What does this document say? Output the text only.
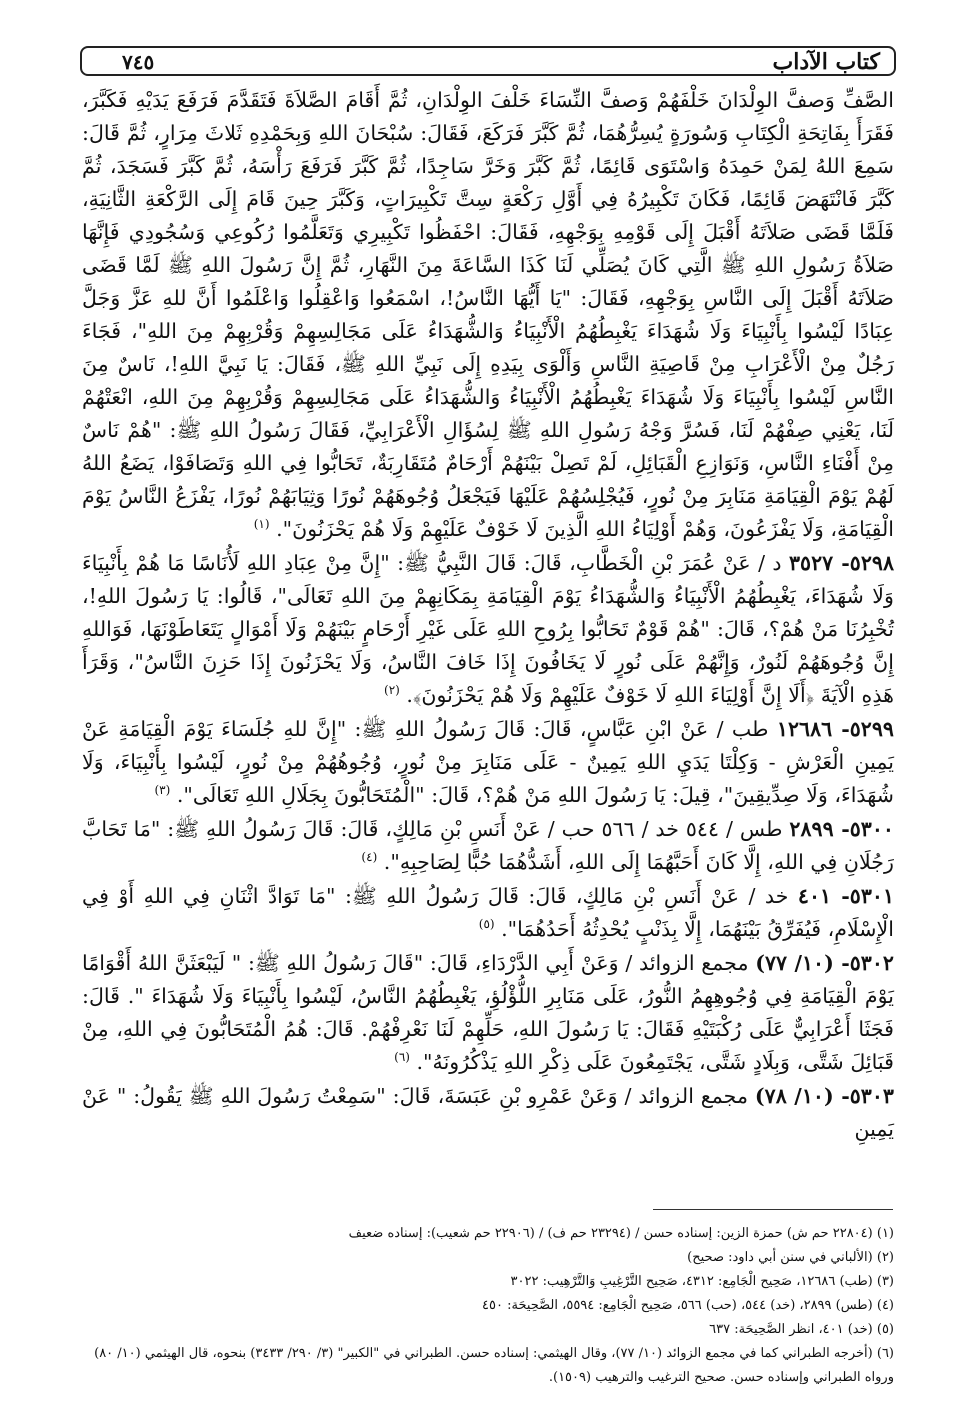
كتاب الآداب
٧٤٥

الصَّفِّ وَصفَّ الوِلْدَانَ خَلْفَهُمْ وَصفَّ النِّسَاءَ خَلْفَ الوِلْدَانِ، ثُمَّ أَقَامَ الصَّلاَةَ فَتَقَدَّمَ فَرَفَعَ يَدَيْهِ فَكَبَّرَ، فَقَرَأَ بِفَاتِحَةِ الْكِتَابِ وَسُورَةٍ يُسِرُّهُمَا، ثُمَّ كَبَّرَ فَرَكَعَ، فَقَالَ: سُبْحَانَ اللهِ وَبِحَمْدِهِ ثَلاثَ مِرَارٍ، ثُمَّ قَالَ: سَمِعَ اللهُ لِمَنْ حَمِدَهُ وَاسْتَوَى قَائِمًا، ثُمَّ كَبَّرَ وَخَرَّ سَاجِدًا، ثُمَّ كَبَّرَ فَرَفَعَ رَأْسَهُ، ثُمَّ كَبَّرَ فَسَجَدَ، ثُمَّ كَبَّرَ فَانْتَهَضَ قَائِمًا، فَكَانَ تَكْبِيرُهُ فِي أَوَّلِ رَكْعَةٍ سِتَّ تَكْبِيرَاتٍ، وَكَبَّرَ حِينَ قَامَ إِلَى الرَّكْعَةِ الثَّانِيَةِ، فَلَمَّا قَضَى صَلاَتَهُ أَقْبَلَ إِلَى قَوْمِهِ بِوَجْهِهِ، فَقَالَ: احْفَظُوا تَكْبِيرِي وَتَعَلَّمُوا رُكُوعِي وَسُجُودِي فَإِنَّهَا صَلاَةُ رَسُولِ اللهِ ﷺ الَّتِي كَانَ يُصَلِّي لَنَا كَذَا السَّاعَةَ مِنَ النَّهَارِ، ثُمَّ إِنَّ رَسُولَ اللهِ ﷺ لَمَّا قَضَى صَلاَتَهُ أَقْبَلَ إِلَى النَّاسِ بِوَجْهِهِ، فَقَالَ: "يَا أَيُّهَا النَّاسُ!، اسْمَعُوا وَاعْقِلُوا وَاعْلَمُوا أَنَّ للهِ عَزَّ وَجَلَّ عِبَادًا لَيْسُوا بِأَنْبِيَاءَ وَلَا شُهَدَاءَ يَغْبِطُهُمُ الْأَنْبِيَاءُ وَالشُّهَدَاءُ عَلَى مَجَالِسِهِمْ وَقُرْبِهِمْ مِنَ اللهِ"، فَجَاءَ رَجُلٌ مِنْ الْأَعْرَابِ مِنْ قَاصِيَةِ النَّاسِ وَأَلْوَى بِيَدِهِ إِلَى نَبِيِّ اللهِ ﷺ، فَقَالَ: يَا نَبِيَّ اللهِ!، نَاسٌ مِنَ النَّاسِ لَيْسُوا بِأَنْبِيَاءَ وَلَا شُهَدَاءَ يَغْبِطُهُمُ الْأَنْبِيَاءُ وَالشُّهَدَاءُ عَلَى مَجَالِسِهِمْ وَقُرْبِهِمْ مِنَ اللهِ، انْعَتْهُمْ لَنَا، يَعْنِي صِفْهُمْ لَنَا، فَسُرَّ وَجْهُ رَسُولِ اللهِ ﷺ لِسُؤَالِ الْأَعْرَابِيِّ، فَقَالَ رَسُولُ اللهِ ﷺ: "هُمْ نَاسٌ مِنْ أَفْنَاءِ النَّاسِ، وَنَوَازِعِ الْقَبَائِلِ، لَمْ تَصِلْ بَيْنَهُمْ أَرْحَامٌ مُتَقَارِبَةٌ، تَحَابُّوا فِي اللهِ وَتَصَافَوْا، يَضَعُ اللهُ لَهُمْ يَوْمَ الْقِيَامَةِ مَنَابِرَ مِنْ نُورٍ، فَيُجْلِسُهُمْ عَلَيْهَا فَيَجْعَلُ وُجُوهَهُمْ نُورًا وَثِيَابَهُمْ نُورًا، يَفْزَعُ النَّاسُ يَوْمَ الْقِيَامَةِ، وَلَا يَفْزَعُونَ، وَهُمْ أَوْلِيَاءُ اللهِ الَّذِينَ لَا خَوْفٌ عَلَيْهِمْ وَلَا هُمْ يَحْزَنُونَ". $^{(١)}$

٥٢٩٨- ٣٥٢٧ د / عَنْ عُمَرَ بْنِ الْخَطَّابِ، قَالَ: قَالَ النَّبِيُّ ﷺ: "إِنَّ مِنْ عِبَادِ اللهِ لَأُنَاسًا مَا هُمْ بِأَنْبِيَاءَ وَلَا شُهَدَاءَ، يَغْبِطُهُمُ الْأَنْبِيَاءُ وَالشُّهَدَاءُ يَوْمَ الْقِيَامَةِ بِمَكَانِهِمْ مِنَ اللهِ تَعَالَى"، قَالُوا: يَا رَسُولَ اللهِ!، تُخْبِرُنَا مَنْ هُمْ؟، قَالَ: "هُمْ قَوْمٌ تَحَابُّوا بِرُوحِ اللهِ عَلَى غَيْرِ أَرْحَامٍ بَيْنَهُمْ وَلَا أَمْوَالٍ يَتَعَاطَوْنَهَا، فَوَاللهِ إِنَّ وُجُوهَهُمْ لَنُورٌ، وَإِنَّهُمْ عَلَى نُورٍ لَا يَخَافُونَ إِذَا خَافَ النَّاسُ، وَلَا يَحْزَنُونَ إِذَا حَزِنَ النَّاسُ"، وَقَرَأَ هَذِهِ الْآيَةَ ﴿أَلَا إِنَّ أَوْلِيَاءَ اللهِ لَا خَوْفٌ عَلَيْهِمْ وَلَا هُمْ يَحْزَنُونَ﴾. $^{(٢)}$

٥٢٩٩- ١٢٦٨٦ طب / عَنْ ابْنِ عَبَّاسٍ، قَالَ: قَالَ رَسُولُ اللهِ ﷺ: "إِنَّ للهِ جُلَسَاءَ يَوْمَ الْقِيَامَةِ عَنْ يَمِينِ الْعَرْشِ - وَكِلْتَا يَدَيِ اللهِ يَمِينٌ - عَلَى مَنَابِرَ مِنْ نُورٍ، وُجُوهُهُمْ مِنْ نُورٍ، لَيْسُوا بِأَنْبِيَاءَ، وَلَا شُهَدَاءَ، وَلَا صِدِّيقِينَ"، قِيلَ: يَا رَسُولَ اللهِ مَنْ هُمْ؟، قَالَ: "الْمُتَحَابُّونَ بِجَلَالِ اللهِ تَعَالَى". $^{(٣)}$

٥٣٠٠- ٢٨٩٩ طس / ٥٤٤ خد / ٥٦٦ حب / عَنْ أَنَسِ بْنِ مَالِكٍ، قَالَ: قَالَ رَسُولُ اللهِ ﷺ: "مَا تَحَابَّ رَجُلَانِ فِي اللهِ، إِلَّا كَانَ أَحَبَّهُمَا إِلَى اللهِ، أَشَدُّهُمَا حُبًّا لِصَاحِبِهِ". $^{(٤)}$

٥٣٠١- ٤٠١ خد / عَنْ أَنَسِ بْنِ مَالِكٍ، قَالَ: قَالَ رَسُولُ اللهِ ﷺ: "مَا تَوَادَّ اثْنَانِ فِي اللهِ أَوْ فِي الْإِسْلَامِ، فَيُفَرِّقُ بَيْنَهُمَا، إِلَّا بِذَنْبٍ يُحْدِثُهُ أَحَدُهُمَا". $^{(٥)}$

٥٣٠٢- (١٠/ ٧٧) مجمع الزوائد / وَعَنْ أَبِي الدَّرْدَاءِ، قَالَ: "قَالَ رَسُولُ اللهِ ﷺ: " لَيَبْعَثَنَّ اللهُ أَقْوَامًا يَوْمَ الْقِيَامَةِ فِي وُجُوهِهِمُ النُّورُ، عَلَى مَنَابِرِ اللُّؤْلُؤِ، يَغْبِطُهُمُ النَّاسُ، لَيْسُوا بِأَنْبِيَاءَ وَلَا شُهَدَاءَ ". قَالَ: فَجَثَا أَعْرَابِيٌّ عَلَى رُكْبَتَيْهِ فَقَالَ: يَا رَسُولَ اللهِ، حَلِّهِمْ لَنَا نَعْرِفْهُمْ. قَالَ: هُمُ الْمُتَحَابُّونَ فِي اللهِ، مِنْ قَبَائِلَ شَتَّى، وَبِلَادٍ شَتَّى، يَجْتَمِعُونَ عَلَى ذِكْرِ اللهِ يَذْكُرُونَهُ". $^{(٦)}$

٥٣٠٣- (١٠/ ٧٨) مجمع الزوائد / وَعَنْ عَمْرِو بْنِ عَبَسَةَ، قَالَ: "سَمِعْتُ رَسُولَ اللهِ ﷺ يَقُولُ: " عَنْ يَمِينِ

(١) (٢٢٨٠٤ حم ش) حمزة الزين: إسناده حسن / (٢٣٢٩٤ حم ف) / (٢٢٩٠٦ حم شعيب): إسناده ضعيف

(٢) (الألباني في سنن أبي داود: صحيح)

(٣) (طب) ١٢٦٨٦، صَحِيح الْجَامِع: ٤٣١٢، صَحِيح التَّرْغِيبِ وَالتَّرْهِيب: ٣٠٢٢

(٤) (طس) ٢٨٩٩، (خد) ٥٤٤، (حب) ٥٦٦، صَحِيح الْجَامِع: ٥٥٩٤، الصَّحِيحَة: ٤٥٠

(٥) (خد) ٤٠١، انظر الصَّحِيحَة: ٦٣٧

(٦) (أخرجه الطبراني كما في مجمع الزوائد (١٠/ ٧٧)، وقال الهيثمي: إسناده حسن. الطبراني في "الكبير" (٣/ ٢٩٠/ ٣٤٣٣) بنحوه، قال الهيثمي (١٠/ ٨٠) ورواه الطبراني وإسناده حسن. صحيح الترغيب والترهيب (١٥٠٩).
